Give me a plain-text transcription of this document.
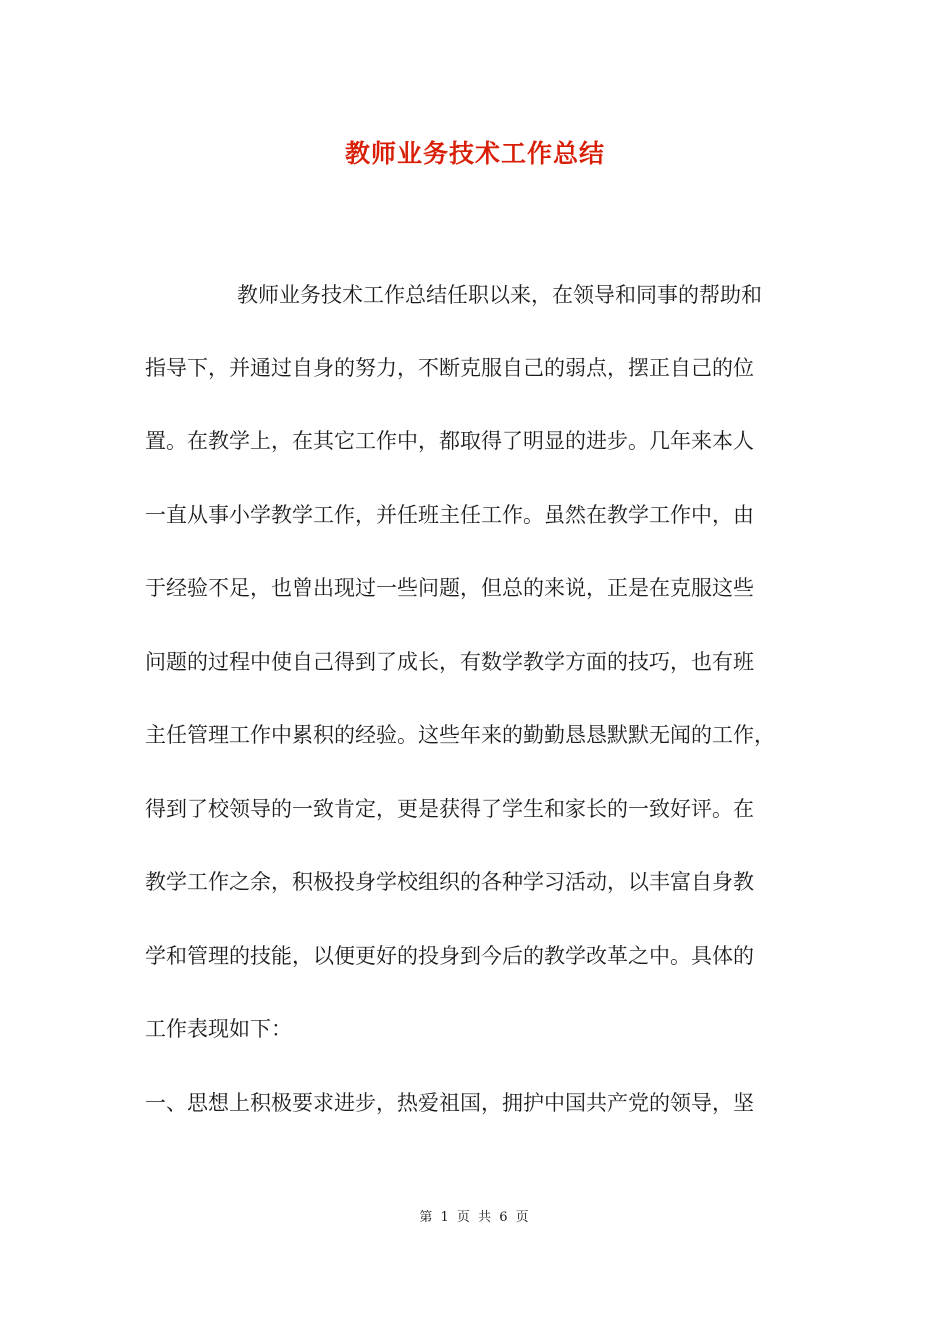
教师业务技术工作总结
教师业务技术工作总结任职以来，在领导和同事的帮助和
指导下，并通过自身的努力，不断克服自己的弱点，摆正自己的位
置。在教学上，在其它工作中，都取得了明显的进步。几年来本人
一直从事小学教学工作，并任班主任工作。虽然在教学工作中，由
于经验不足，也曾出现过一些问题，但总的来说，正是在克服这些
问题的过程中使自己得到了成长，有数学教学方面的技巧，也有班
主任管理工作中累积的经验。这些年来的勤勤恳恳默默无闻的工作，
得到了校领导的一致肯定，更是获得了学生和家长的一致好评。在
教学工作之余，积极投身学校组织的各种学习活动，以丰富自身教
学和管理的技能，以便更好的投身到今后的教学改革之中。具体的
工作表现如下：
一、思想上积极要求进步，热爱祖国，拥护中国共产党的领导，坚
第 1 页 共 6 页
